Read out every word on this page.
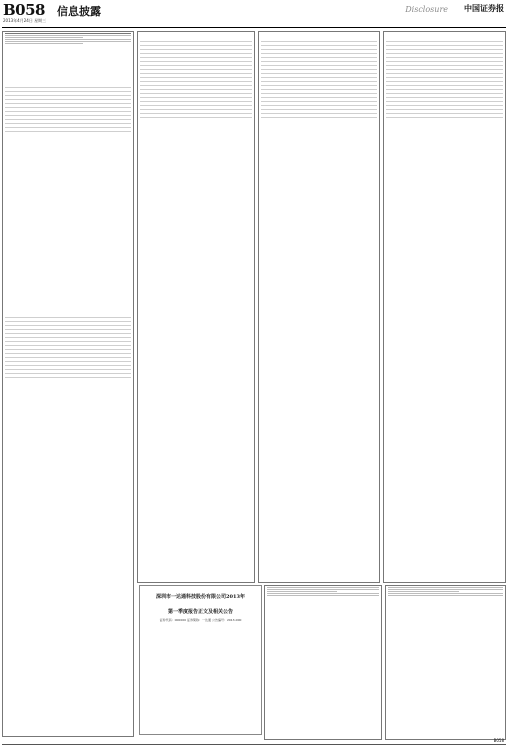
B058 信息披露
2013年4月24日 星期三
Disclosure 中国证券报
深圳市一达通科技股份有限公司2013年
第一季度报告正文及相关公告
证券代码：000000 证券简称：一达通 公告编号：2013-000
B058
